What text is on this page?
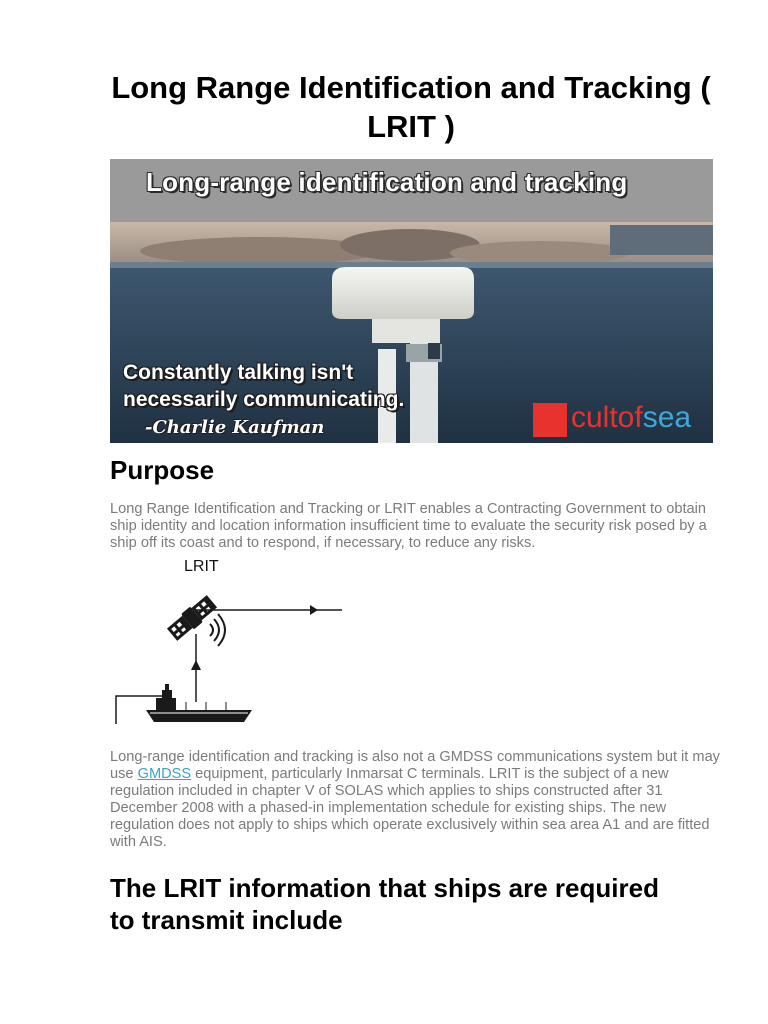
Long Range Identification and Tracking ( LRIT )
Long-range identification and tracking
Constantly talking isn't
necessarily communicating.
-Charlie Kaufman	cultofsea
Purpose

Long Range Identification and Tracking or LRIT enables a Contracting Government to obtain ship identity and location information insufficient time to evaluate the security risk posed by a ship off its coast and to respond, if necessary, to reduce any risks.

LRIT

Long-range identification and tracking is also not a GMDSS communications system but it may use GMDSS equipment, particularly Inmarsat C terminals. LRIT is the subject of a new regulation included in chapter V of SOLAS which applies to ships constructed after 31 December 2008 with a phased-in implementation schedule for existing ships. The new regulation does not apply to ships which operate exclusively within sea area A1 and are fitted with AIS.

The LRIT information that ships are required to transmit include
